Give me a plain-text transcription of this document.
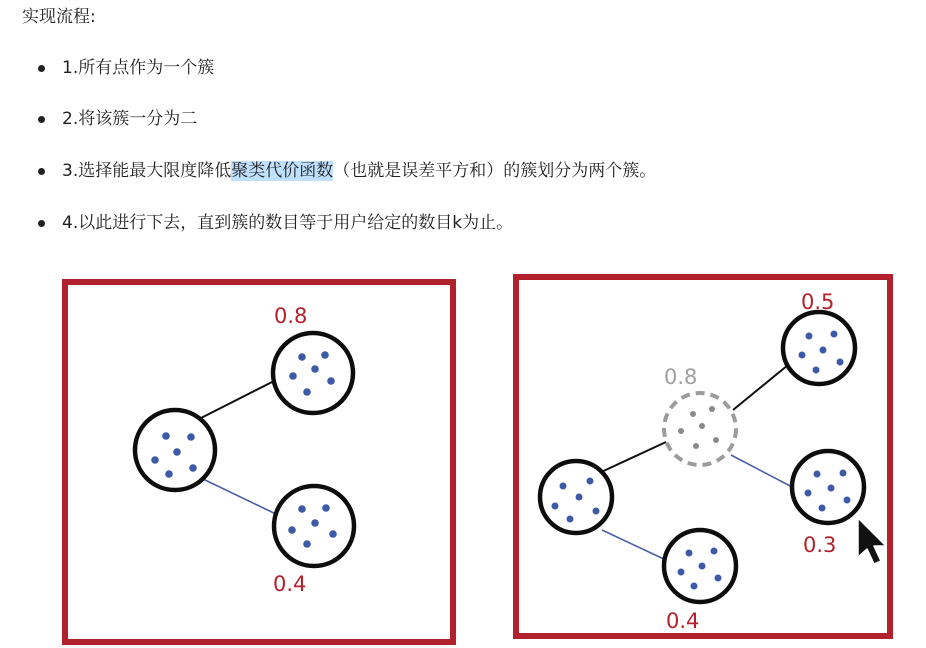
实现流程:
1.所有点作为一个簇
2.将该簇一分为二
3.选择能最大限度降低聚类代价函数（也就是误差平方和）的簇划分为两个簇。
4.以此进行下去，直到簇的数目等于用户给定的数目k为止。
0.8
0.4
0.8
0.5
0.3
0.4
